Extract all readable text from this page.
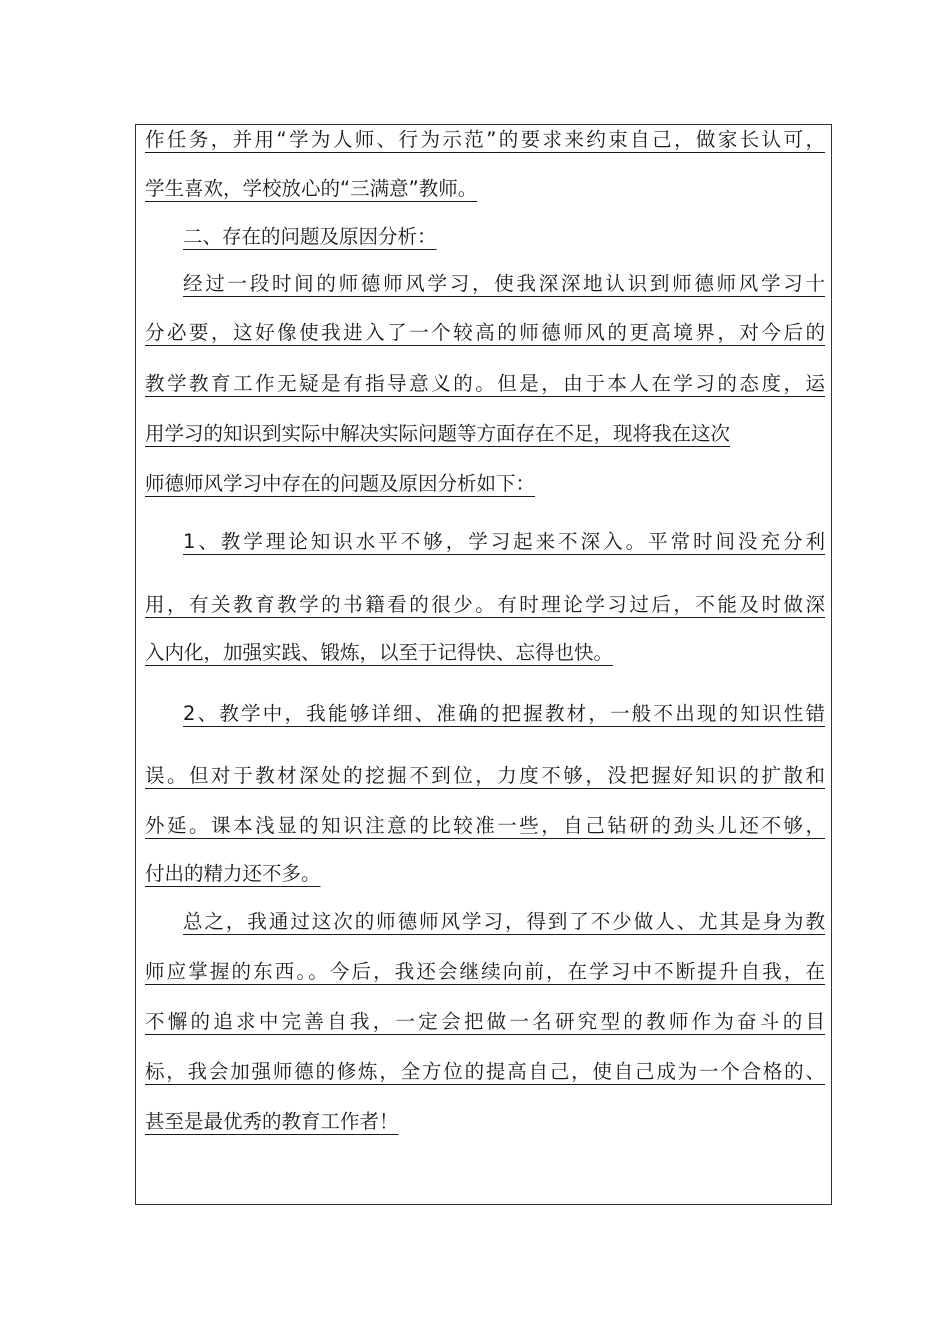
作任务，并用“学为人师、行为示范”的要求来约束自己，做家长认可，
学生喜欢，学校放心的“三满意”教师。
二、存在的问题及原因分析：
经过一段时间的师德师风学习，使我深深地认识到师德师风学习十
分必要，这好像使我进入了一个较高的师德师风的更高境界，对今后的
教学教育工作无疑是有指导意义的。但是，由于本人在学习的态度，运
用学习的知识到实际中解决实际问题等方面存在不足，现将我在这次
师德师风学习中存在的问题及原因分析如下：
1、教学理论知识水平不够，学习起来不深入。平常时间没充分利
用，有关教育教学的书籍看的很少。有时理论学习过后，不能及时做深
入内化，加强实践、锻炼，以至于记得快、忘得也快。
2、教学中，我能够详细、准确的把握教材，一般不出现的知识性错
误。但对于教材深处的挖掘不到位，力度不够，没把握好知识的扩散和
外延。课本浅显的知识注意的比较准一些，自己钻研的劲头儿还不够，
付出的精力还不多。
总之，我通过这次的师德师风学习，得到了不少做人、尤其是身为教
师应掌握的东西。。今后，我还会继续向前，在学习中不断提升自我，在
不懈的追求中完善自我，一定会把做一名研究型的教师作为奋斗的目
标，我会加强师德的修炼，全方位的提高自己，使自己成为一个合格的、
甚至是最优秀的教育工作者！
